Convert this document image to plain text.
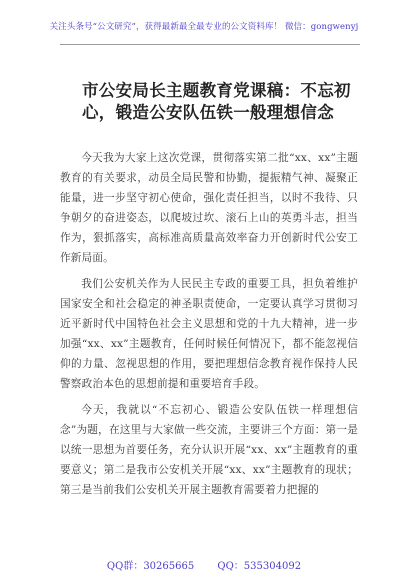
关注头条号“公文研究”，获得最新最全最专业的公文资料库！ 微信：gongwenyj
市公安局长主题教育党课稿：不忘初
心，锻造公安队伍铁一般理想信念

今天我为大家上这次党课，贯彻落实第二批“xx、xx”主题教育的有关要求，动员全局民警和协勤，提振精气神、凝聚正能量，进一步坚守初心使命，强化责任担当，以时不我待、只争朝夕的奋进姿态，以爬坡过坎、滚石上山的英勇斗志，担当作为，狠抓落实，高标准高质量高效率奋力开创新时代公安工作新局面。

我们公安机关作为人民民主专政的重要工具，担负着维护国家安全和社会稳定的神圣职责使命，一定要认真学习贯彻习近平新时代中国特色社会主义思想和党的十九大精神，进一步加强“xx、xx”主题教育，任何时候任何情况下，都不能忽视信仰的力量、忽视思想的作用，要把理想信念教育视作保持人民警察政治本色的思想前提和重要培育手段。

今天，我就以“不忘初心、锻造公安队伍铁一样理想信念”为题，在这里与大家做一些交流，主要讲三个方面：第一是以统一思想为首要任务，充分认识开展“xx、xx”主题教育的重要意义；第二是我市公安机关开展“xx、xx”主题教育的现状；第三是当前我们公安机关开展主题教育需要着力把握的

QQ群：30265665 QQ：535304092
